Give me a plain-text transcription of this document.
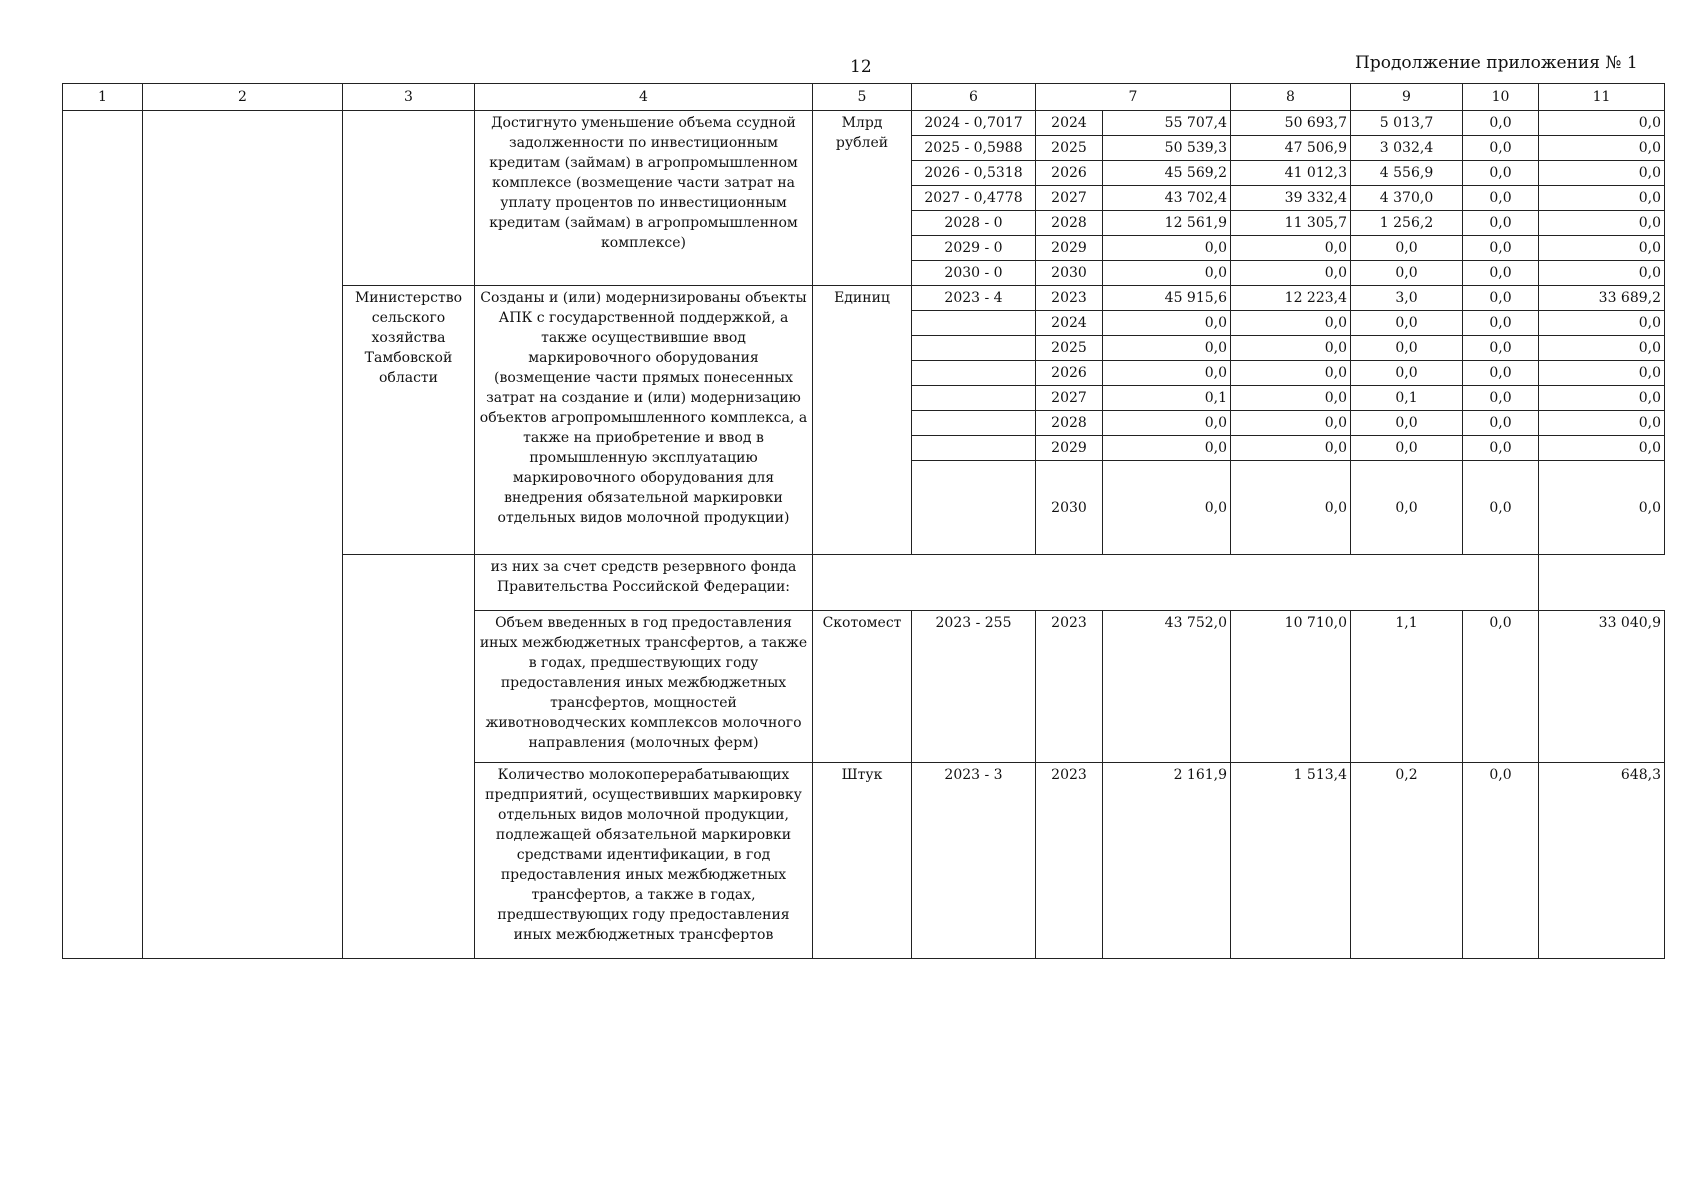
12	Продолжение приложения № 1
1	2	3	4	5	6	7		8	9	10	11
			Достигнуто уменьшение объема ссудной задолженности по инвестиционным кредитам (займам) в агропромышленном комплексе (возмещение части затрат на уплату процентов по инвестиционным кредитам (займам) в агропромышленном комплексе)	Млрд рублей	2024 - 0,7017	2024	55 707,4	50 693,7	5 013,7	0,0	0,0
					2025 - 0,5988	2025	50 539,3	47 506,9	3 032,4	0,0	0,0
					2026 - 0,5318	2026	45 569,2	41 012,3	4 556,9	0,0	0,0
					2027 - 0,4778	2027	43 702,4	39 332,4	4 370,0	0,0	0,0
					2028 - 0	2028	12 561,9	11 305,7	1 256,2	0,0	0,0
					2029 - 0	2029	0,0	0,0	0,0	0,0	0,0
					2030 - 0	2030	0,0	0,0	0,0	0,0	0,0
		Министерство сельского хозяйства Тамбовской области	Созданы и (или) модернизированы объекты АПК с государственной поддержкой, а также осуществившие ввод маркировочного оборудования (возмещение части прямых понесенных затрат на создание и (или) модернизацию объектов агропромышленного комплекса, а также на приобретение и ввод в промышленную эксплуатацию маркировочного оборудования для внедрения обязательной маркировки отдельных видов молочной продукции)	Единиц	2023 - 4	2023	45 915,6	12 223,4	3,0	0,0	33 689,2
						2024	0,0	0,0	0,0	0,0	0,0
						2025	0,0	0,0	0,0	0,0	0,0
						2026	0,0	0,0	0,0	0,0	0,0
						2027	0,1	0,0	0,1	0,0	0,0
						2028	0,0	0,0	0,0	0,0	0,0
						2029	0,0	0,0	0,0	0,0	0,0
						2030	0,0	0,0	0,0	0,0	0,0
			из них за счет средств резервного фонда Правительства Российской Федерации:								
			Объем введенных в год предоставления иных межбюджетных трансфертов, а также в годах, предшествующих году предоставления иных межбюджетных трансфертов, мощностей животноводческих комплексов молочного направления (молочных ферм)	Скотомест	2023 - 255	2023	43 752,0	10 710,0	1,1	0,0	33 040,9
			Количество молокоперерабатывающих предприятий, осуществивших маркировку отдельных видов молочной продукции, подлежащей обязательной маркировки средствами идентификации, в год предоставления иных межбюджетных трансфертов, а также в годах, предшествующих году предоставления иных межбюджетных трансфертов	Штук	2023 - 3	2023	2 161,9	1 513,4	0,2	0,0	648,3
